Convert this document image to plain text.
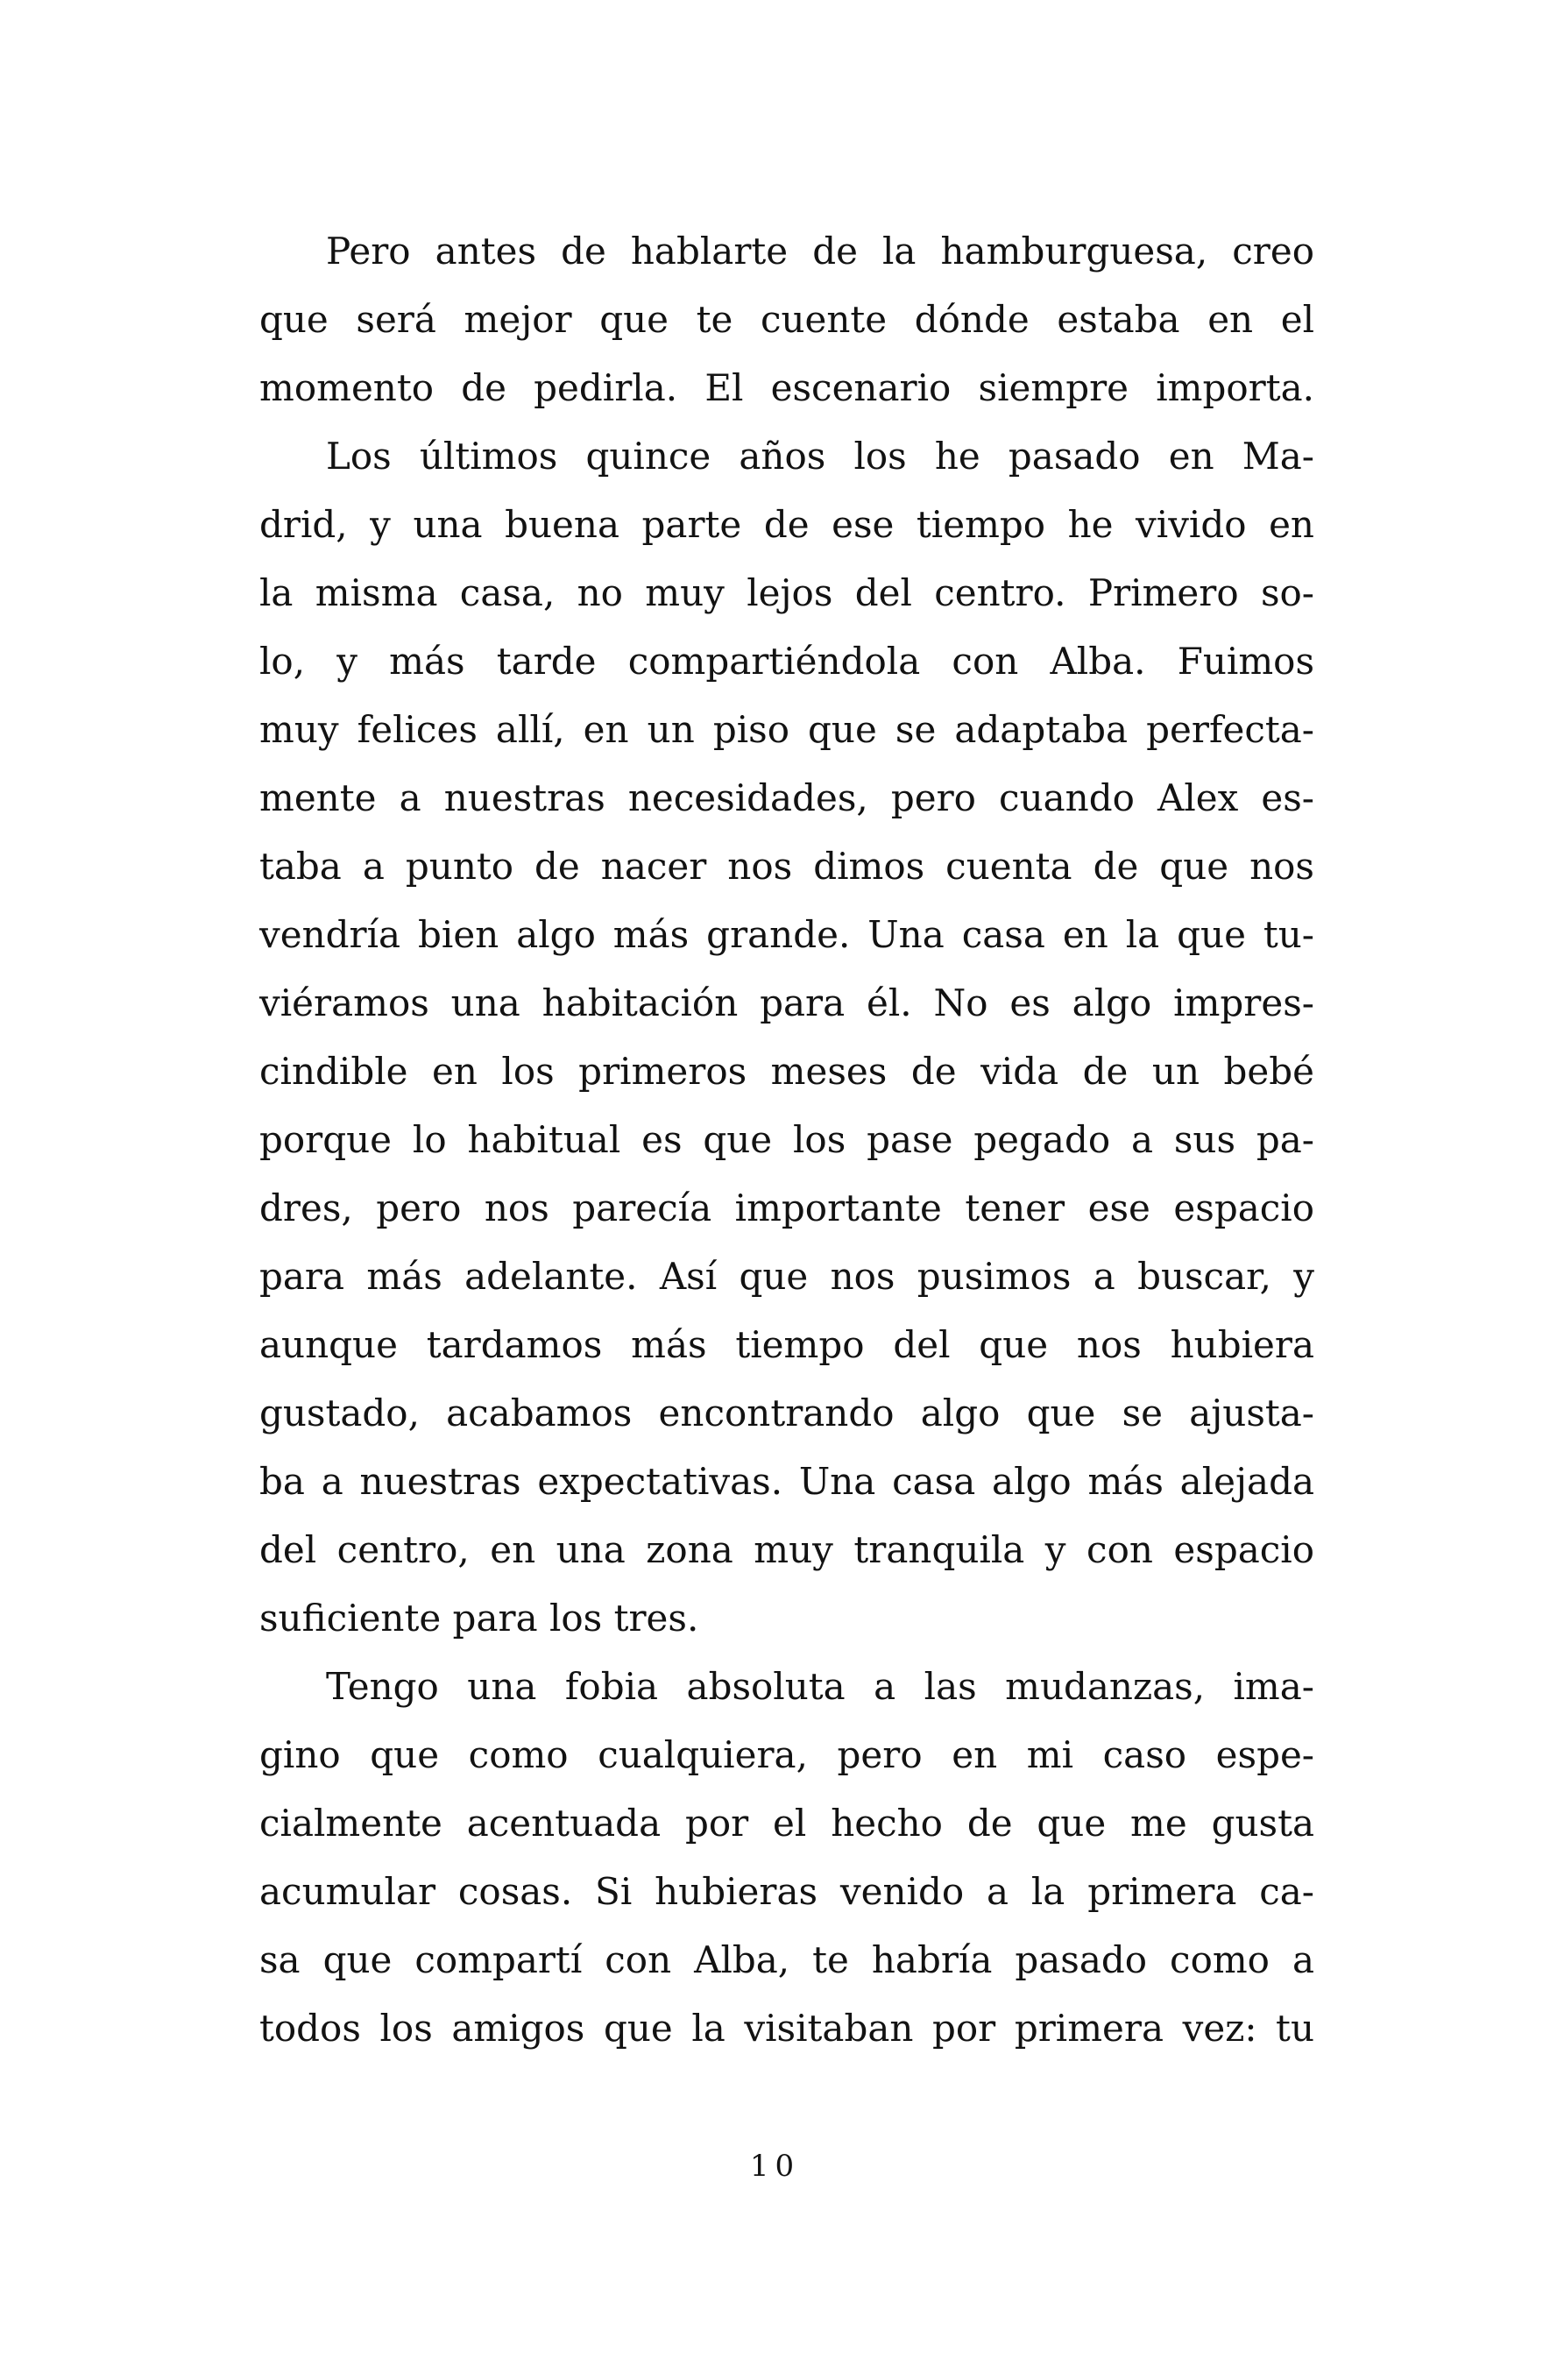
Pero antes de hablarte de la hamburguesa, creo
que será mejor que te cuente dónde estaba en el
momento de pedirla. El escenario siempre importa.
Los últimos quince años los he pasado en Ma-
drid, y una buena parte de ese tiempo he vivido en
la misma casa, no muy lejos del centro. Primero so-
lo, y más tarde compartiéndola con Alba. Fuimos
muy felices allí, en un piso que se adaptaba perfecta-
mente a nuestras necesidades, pero cuando Alex es-
taba a punto de nacer nos dimos cuenta de que nos
vendría bien algo más grande. Una casa en la que tu-
viéramos una habitación para él. No es algo impres-
cindible en los primeros meses de vida de un bebé
porque lo habitual es que los pase pegado a sus pa-
dres, pero nos parecía importante tener ese espacio
para más adelante. Así que nos pusimos a buscar, y
aunque tardamos más tiempo del que nos hubiera
gustado, acabamos encontrando algo que se ajusta-
ba a nuestras expectativas. Una casa algo más alejada
del centro, en una zona muy tranquila y con espacio
suficiente para los tres.
Tengo una fobia absoluta a las mudanzas, ima-
gino que como cualquiera, pero en mi caso espe-
cialmente acentuada por el hecho de que me gusta
acumular cosas. Si hubieras venido a la primera ca-
sa que compartí con Alba, te habría pasado como a
todos los amigos que la visitaban por primera vez: tu
10
